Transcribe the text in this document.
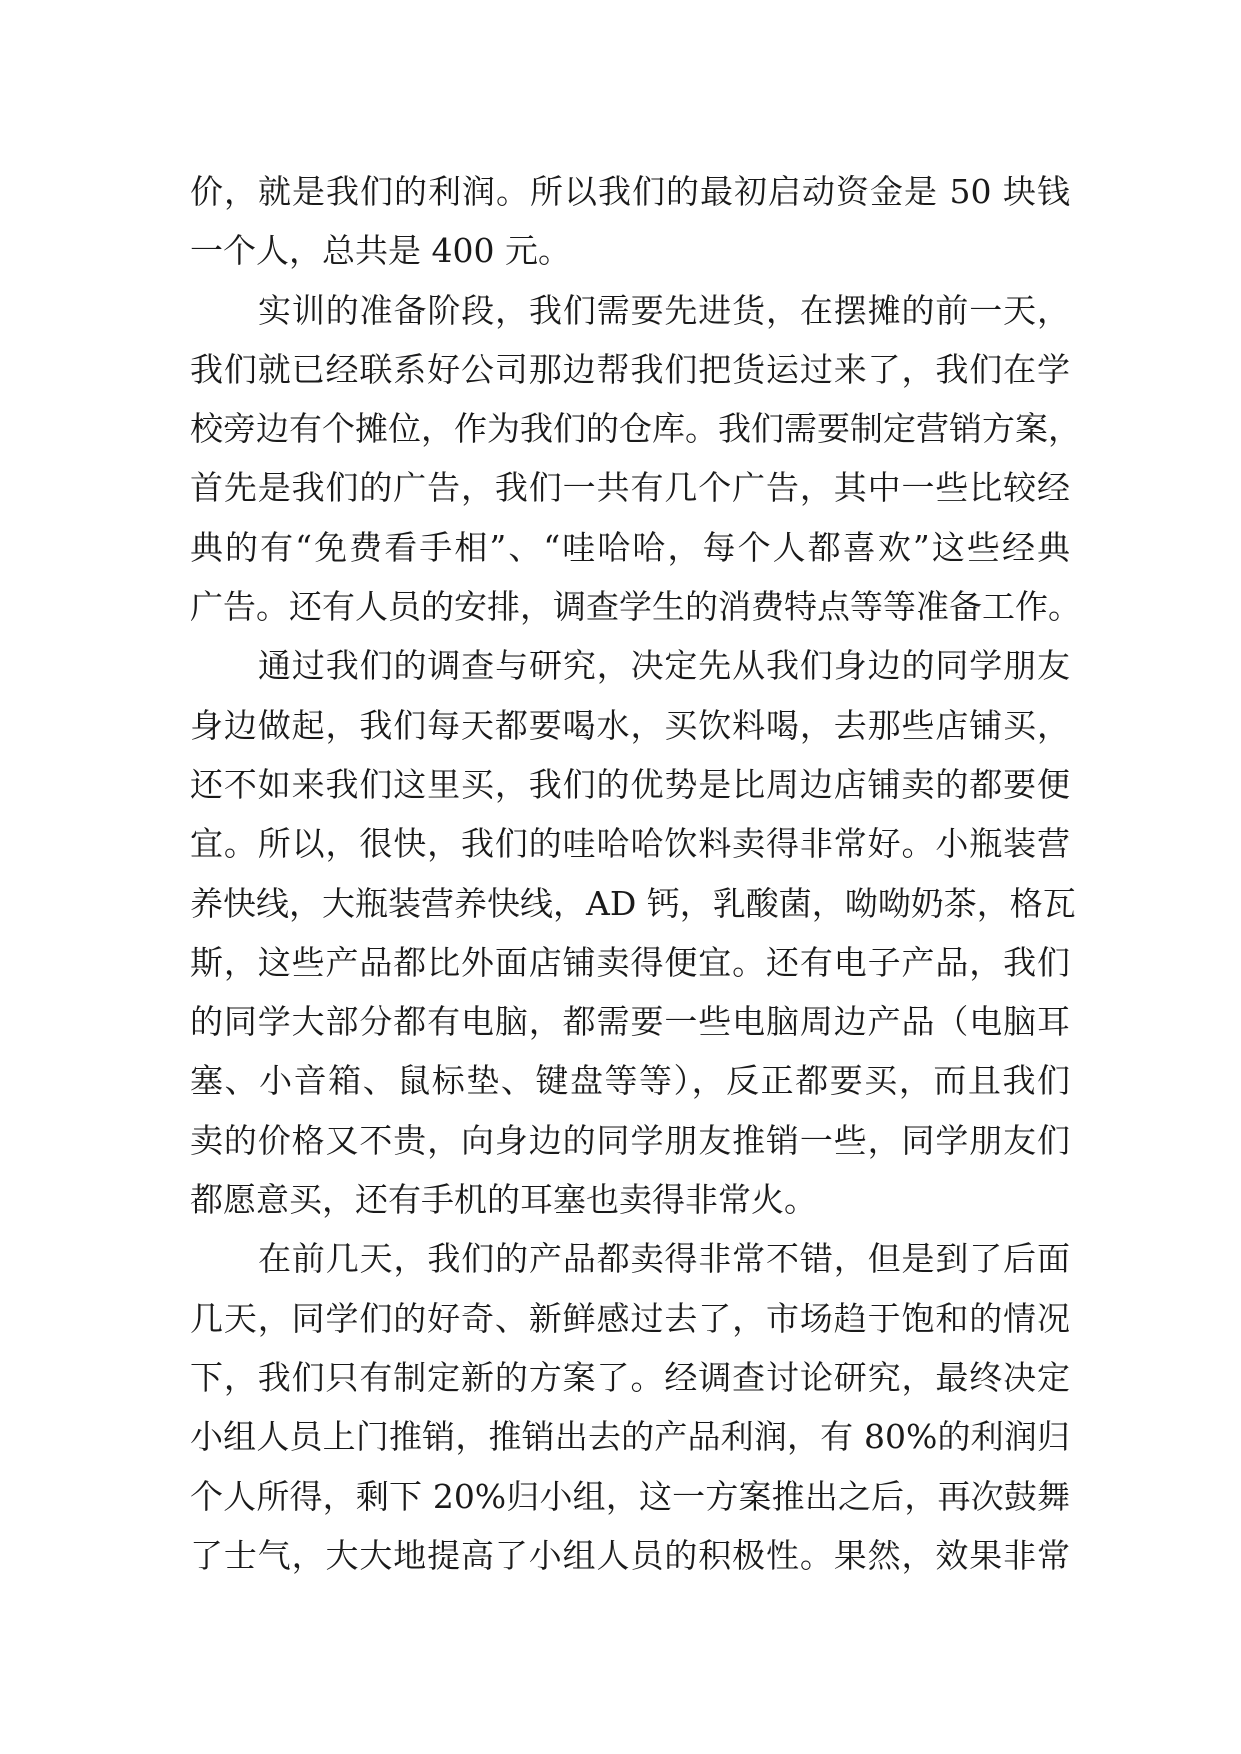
价，就是我们的利润。所以我们的最初启动资金是 50 块钱
一个人，总共是 400 元。
实训的准备阶段，我们需要先进货，在摆摊的前一天，
我们就已经联系好公司那边帮我们把货运过来了，我们在学
校旁边有个摊位，作为我们的仓库。我们需要制定营销方案，
首先是我们的广告，我们一共有几个广告，其中一些比较经
典的有“免费看手相”、“哇哈哈，每个人都喜欢”这些经典
广告。还有人员的安排，调查学生的消费特点等等准备工作。
通过我们的调查与研究，决定先从我们身边的同学朋友
身边做起，我们每天都要喝水，买饮料喝，去那些店铺买，
还不如来我们这里买，我们的优势是比周边店铺卖的都要便
宜。所以，很快，我们的哇哈哈饮料卖得非常好。小瓶装营
养快线，大瓶装营养快线，AD 钙，乳酸菌，呦呦奶茶，格瓦
斯，这些产品都比外面店铺卖得便宜。还有电子产品，我们
的同学大部分都有电脑，都需要一些电脑周边产品（电脑耳
塞、小音箱、鼠标垫、键盘等等），反正都要买，而且我们
卖的价格又不贵，向身边的同学朋友推销一些，同学朋友们
都愿意买，还有手机的耳塞也卖得非常火。
在前几天，我们的产品都卖得非常不错，但是到了后面
几天，同学们的好奇、新鲜感过去了，市场趋于饱和的情况
下，我们只有制定新的方案了。经调查讨论研究，最终决定
小组人员上门推销，推销出去的产品利润，有 80%的利润归
个人所得，剩下 20%归小组，这一方案推出之后，再次鼓舞
了士气，大大地提高了小组人员的积极性。果然，效果非常
